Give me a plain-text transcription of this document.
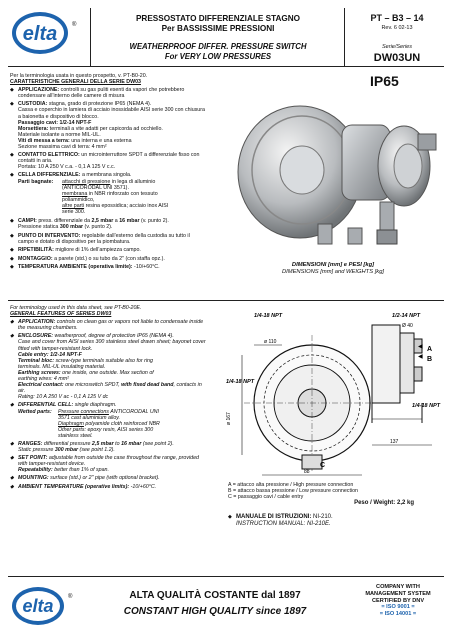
elta ®
PRESSOSTATO DIFFERENZIALE STAGNO
Per BASSISSIME PRESSIONI
WEATHERPROOF DIFFER. PRESSURE SWITCH
For VERY LOW PRESSURES
PT – B3 – 14
Rev. 6 02-13
Serie/Series
DW03UN
IP65
Per la terminologia usata in questo prospetto, v. PT-B0-20.
CARATTERISTICHE GENERALI DELLA SERIE DW03
◆ APPLICAZIONE: controlli su gas puliti esenti da vapori che potrebbero condensare all'interno delle camere di misura
◆ CUSTODIA: stagna, grado di protezione IP65 (NEMA 4).
Cassa e coperchio in lamiera di acciaio inossidabile AISI serie 300 con chiusura a baionetta e dispositivo di blocco.
Passaggio cavi: 1/2-14 NPT-F
Morsettiera: terminali a vite adatti per capicorda ad occhiello.
Materiale isolante a norme MIL-UL.
Viti di messa a terra: una interna e una esterna
Sezione massima cavi di terra: 4 mm²
◆ CONTATTO ELETTRICO: un microinterruttore SPDT a differenziale fisso con contatti in aria.
Portata: 10 A 250 V c.a. - 0,1 A 125 V c.c.
◆ CELLA DIFFERENZIALE: a membrana singola.
Parti bagnate:	attacchi di pressione in lega di alluminio
(ANTICORODAL UNI 3571).
membrana in NBR rinforzato con tessuto
poliammidico,
altre parti resina epossidica; acciaio inox AISI
serie 300.
◆ CAMPI: press. differenziale da 2,5 mbar a 16 mbar (v. punto 2).
Pressione statica 300 mbar (v. punto 2).
◆ PUNTO DI INTERVENTO: regolabile dall'esterno della custodia su tutto il campo e dotato di dispositivo per la piombatura.
◆ RIPETIBILITÀ: migliore di 1% dell'ampiezza campo.
◆ MONTAGGIO: a parete (std.) o su tubo da 2" (con staffa opz.).
◆ TEMPERATURA AMBIENTE (operativa limite): -10/+60°C.	DIMENSIONI [mm] e PESI [kg]
DIMENSIONS [mm] and WEIGHTS [kg]
For terminology used in this data sheet, see PT-B0-20E.
GENERAL FEATURES OF SERIES DW03
◆ APPLICATION: controls on clean gas or vapors not liable to condensate inside the measuring chambers.
◆ ENCLOSURE: weatherproof, degree of protection IP65 (NEMA 4).
Case and cover from AISI series 300 stainless steel drawn sheet; bayonet cover fitted with tamper-resistant lock.
Cable entry: 1/2-14 NPT-F
Terminal bloc: screw-type terminals suitable also for ring
terminals. MIL-UL insulating material.
Earthing screws: one inside, one outside. Max section of
earthing wires: 4 mm²
Electrical contact: one microswitch SPDT, with fixed dead band, contacts in air.
Rating: 10 A 250 V ac - 0,1 A 125 V dc
◆ DIFFERENTIAL CELL: single diaphragm.
Wetted parts:	Pressure connections ANTICORODAL UNI
3571 cast aluminium alloy.
Diaphragm polyamide cloth reinforced NBR
Other parts: epoxy resin, AISI series 300
stainless steel.
◆ RANGES: differential pressure 2,5 mbar to 16 mbar (see point 2).
Static pressure 300 mbar (see point 1.2).
◆ SET POINT: adjustable from outside the case throughout the range, provided with tamper-resistant device.
Repeatability: better than 1% of span.
◆ MOUNTING: surface (std.) or 2" pipe (with optional bracket).
◆ AMBIENT TEMPERATURE (operative limits): -10/+60°C.
1/4-18 NPT	1/2-14 NPT
1/4-18 NPT
1/4-18 NPT
ø 110
ø 167
88
137
Ø 40
A
B
C
◀
◀
A = attacco alta pressione / High pressure connection
B = attacco bassa pressione / Low pressure connection
C = passaggio cavi / cable entry
Peso / Weight: 2,2 kg
◆ MANUALE DI ISTRUZIONI: NI-210.
INSTRUCTION MANUAL: NI-210E.
elta ®	ALTA QUALITÀ COSTANTE dal 1897
CONSTANT HIGH QUALITY since 1897
COMPANY WITH
MANAGEMENT SYSTEM
CERTIFIED BY DNV
= ISO 9001 =
= ISO 14001 =
